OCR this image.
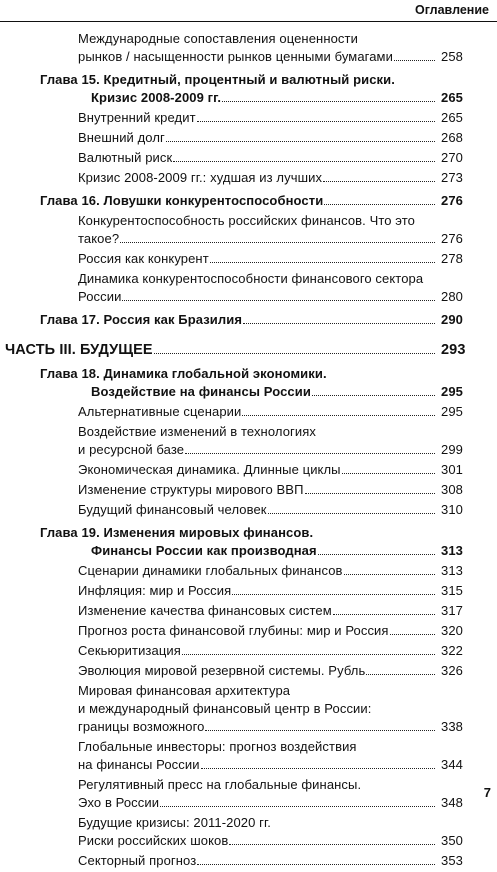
Оглавление
Международные сопоставления оцененности
рынков / насыщенности рынков ценными бумагами	258
Глава 15. Кредитный, процентный и валютный риски.
Кризис 2008-2009 гг.	265
Внутренний кредит	265
Внешний долг	268
Валютный риск	270
Кризис 2008-2009 гг.: худшая из лучших	273
Глава 16. Ловушки конкурентоспособности	276
Конкурентоспособность российских финансов. Что это
такое?	276
Россия как конкурент	278
Динамика конкурентоспособности финансового сектора
России	280
Глава 17. Россия как Бразилия	290
ЧАСТЬ III. БУДУЩЕЕ	293
Глава 18. Динамика глобальной экономики.
Воздействие на финансы России	295
Альтернативные сценарии	295
Воздействие изменений в технологиях
и ресурсной базе	299
Экономическая динамика. Длинные циклы	301
Изменение структуры мирового ВВП	308
Будущий финансовый человек	310
Глава 19. Изменения мировых финансов.
Финансы России как производная	313
Сценарии динамики глобальных финансов	313
Инфляция: мир и Россия	315
Изменение качества финансовых систем	317
Прогноз роста финансовой глубины: мир и Россия	320
Секьюритизация	322
Эволюция мировой резервной системы. Рубль	326
Мировая финансовая архитектура
и международный финансовый центр в России:
границы возможного	338
Глобальные инвесторы: прогноз воздействия
на финансы России	344
Регулятивный пресс на глобальные финансы.
Эхо в России	348
Будущие кризисы: 2011-2020 гг.
Риски российских шоков	350
Секторный прогноз	353
7
